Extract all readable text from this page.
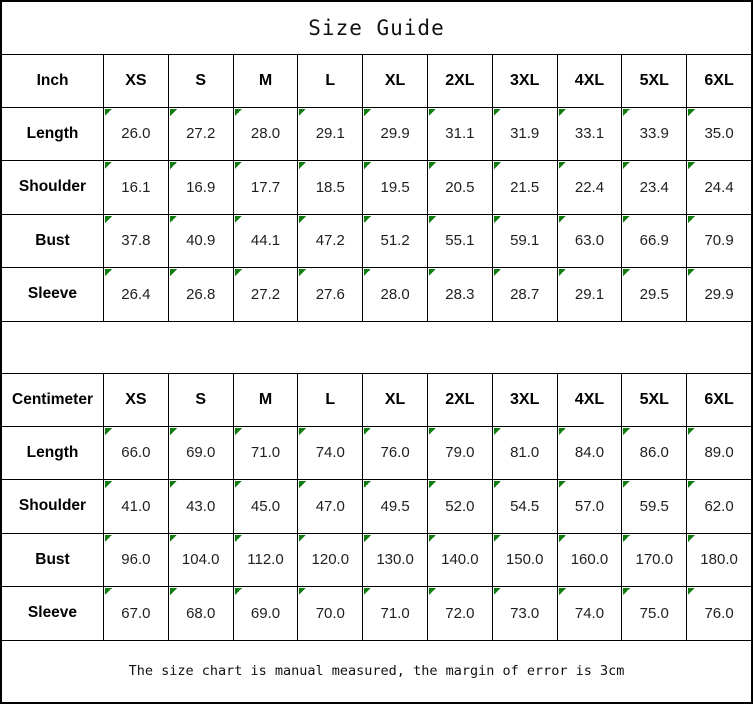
Size Guide
Inch	XS	S	M	L	XL 2XL 3XL 4XL 5XL 6XL
Length	26.0 27.2 28.0 29.1 29.9 31.1 31.9 33.1 33.9 35.0
Shoulder 16.1 16.9 17.7 18.5 19.5 20.5 21.5 22.4 23.4 24.4
Bust	37.8 40.9 44.1 47.2 51.2 55.1 59.1 63.0 66.9 70.9
Sleeve	26.4 26.8 27.2 27.6 28.0 28.3 28.7 29.1 29.5 29.9
Centimeter XS	S	M	L	XL 2XL 3XL 4XL 5XL 6XL
Length	66.0 69.0 71.0 74.0 76.0 79.0 81.0 84.0 86.0 89.0
Shoulder 41.0 43.0 45.0 47.0 49.5 52.0 54.5 57.0 59.5 62.0
Bust	96.0 104.0 112.0 120.0 130.0 140.0 150.0 160.0 170.0 180.0
Sleeve	67.0 68.0 69.0 70.0 71.0 72.0 73.0 74.0 75.0 76.0
The size chart is manual measured, the margin of error is 3cm
